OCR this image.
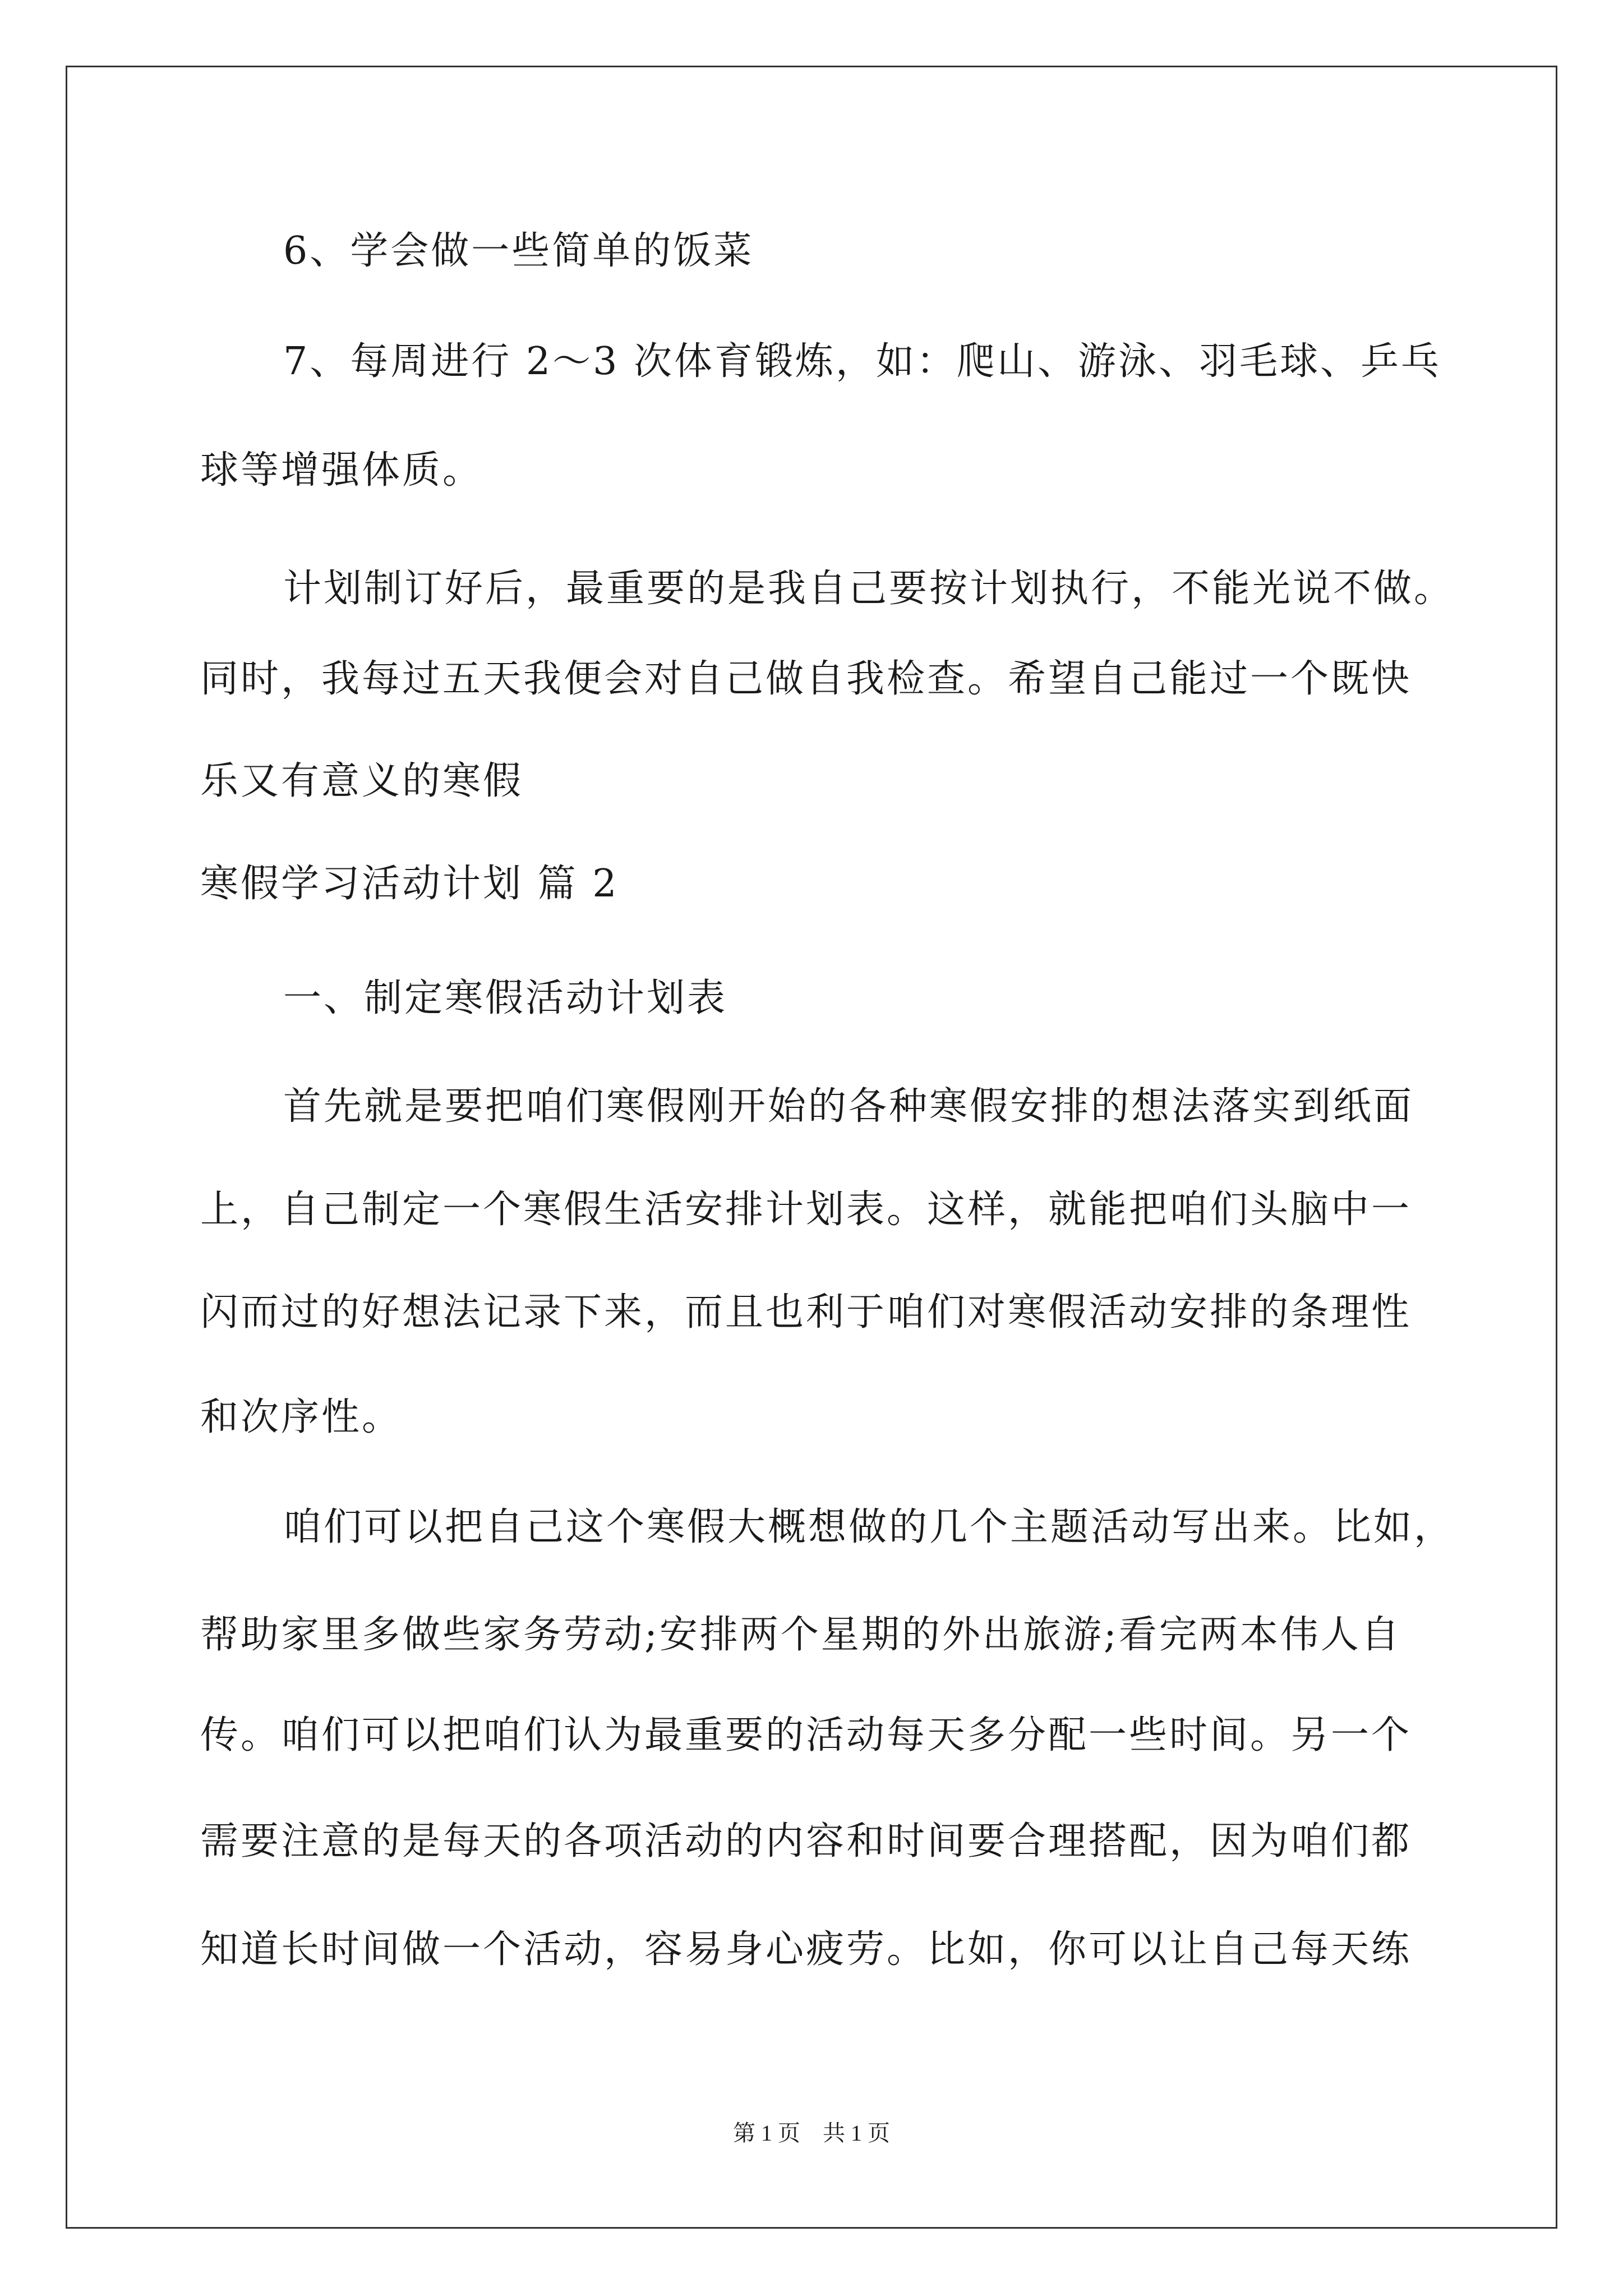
6、学会做一些简单的饭菜
7、每周进行 2～3 次体育锻炼，如：爬山、游泳、羽毛球、乒乓
球等增强体质。
计划制订好后，最重要的是我自己要按计划执行，不能光说不做。
同时，我每过五天我便会对自己做自我检查。希望自己能过一个既快
乐又有意义的寒假
寒假学习活动计划 篇 2
一、制定寒假活动计划表
首先就是要把咱们寒假刚开始的各种寒假安排的想法落实到纸面
上，自己制定一个寒假生活安排计划表。这样，就能把咱们头脑中一
闪而过的好想法记录下来，而且也利于咱们对寒假活动安排的条理性
和次序性。
咱们可以把自己这个寒假大概想做的几个主题活动写出来。比如，
帮助家里多做些家务劳动;安排两个星期的外出旅游;看完两本伟人自
传。咱们可以把咱们认为最重要的活动每天多分配一些时间。另一个
需要注意的是每天的各项活动的内容和时间要合理搭配，因为咱们都
知道长时间做一个活动，容易身心疲劳。比如，你可以让自己每天练
第 1 页　共 1 页
